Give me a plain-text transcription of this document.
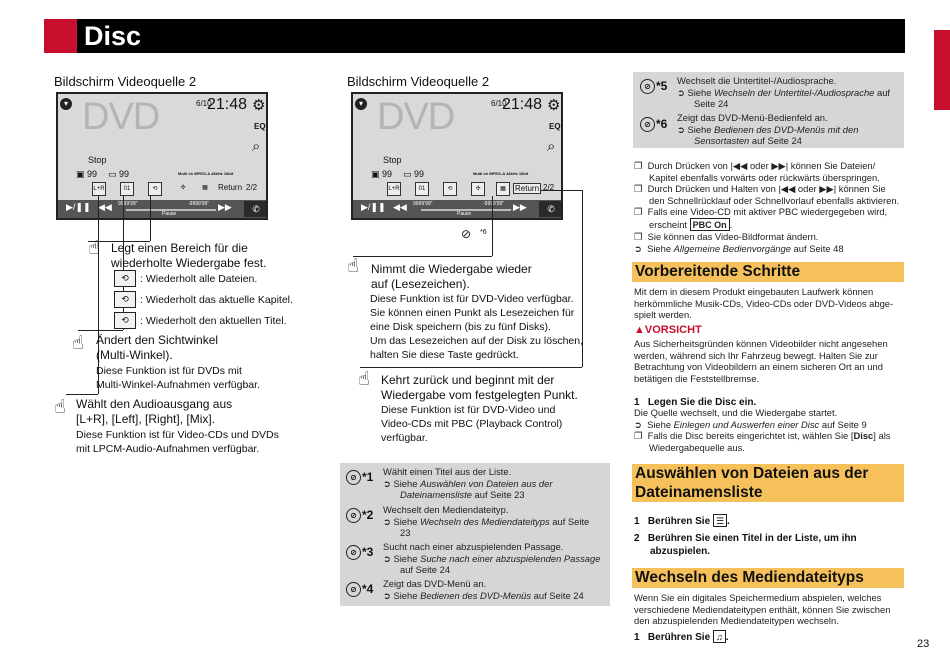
Disc
Bildschirm Videoquelle 2
▾ DVD	6/10
21:48 ⚙
EQ
⌕
Stop
▣ 99 ▭ 99	Multi ch MPEG-A 48kHz 16bit
L+R	01	⟲	✣	▦	Return 2/2
▶/❚❚ ◀◀ 9999'99"
Pause
-9999'99" ▶▶	✆
Bildschirm Videoquelle 2
▾ DVD	6/10
21:48 ⚙
EQ
⌕
Stop
▣ 99 ▭ 99	Multi ch MPEG-A 48kHz 16bit
L+R	01	⟲	✣	▦	Return 2/2
▶/❚❚ ◀◀ 9999'99"
Pause
-9999'99" ▶▶	✆
⊘ *6
☝ Legt einen Bereich für die
wiederholte Wiedergabe fest.
⟲	: Wiederholt alle Dateien.
⟲	: Wiederholt das aktuelle Kapitel.
⟲	: Wiederholt den aktuellen Titel.
☝ Ändert den Sichtwinkel
(Multi-Winkel).
Diese Funktion ist für DVDs mit
Multi-Winkel-Aufnahmen verfügbar.
☝ Wählt den Audioausgang aus
[L+R], [Left], [Right], [Mix].
Diese Funktion ist für Video-CDs und DVDs
mit LPCM-Audio-Aufnahmen verfügbar.
☝ Nimmt die Wiedergabe wieder
auf (Lesezeichen).
Diese Funktion ist für DVD-Video verfügbar.
Sie können einen Punkt als Lesezeichen für
eine Disk speichern (bis zu fünf Disks).
Um das Lesezeichen auf der Disk zu löschen,
halten Sie diese Taste gedrückt.
☝ Kehrt zurück und beginnt mit der
Wiedergabe vom festgelegten Punkt.
Diese Funktion ist für DVD-Video und
Video-CDs mit PBC (Playback Control)
verfügbar.
⊘ *1 Wählt einen Titel aus der Liste.
➲ Siehe Auswählen von Dateien aus der
Dateinamensliste auf Seite 23
⊘ *2 Wechselt den Mediendateityp.
➲ Siehe Wechseln des Mediendateityps auf Seite
23
⊘ *3 Sucht nach einer abzuspielenden Passage.
➲ Siehe Suche nach einer abzuspielenden Passage
auf Seite 24
⊘ *4 Zeigt das DVD-Menü an.
➲ Siehe Bedienen des DVD-Menüs auf Seite 24
⊘ *5 Wechselt die Untertitel-/Audiosprache.
➲ Siehe Wechseln der Untertitel-/Audiosprache auf
Seite 24
⊘ *6 Zeigt das DVD-Menü-Bedienfeld an.
➲ Siehe Bedienen des DVD-Menüs mit den
Sensortasten auf Seite 24
❐  Durch Drücken von |◀◀ oder ▶▶| können Sie Dateien/
Kapitel ebenfalls vorwärts oder rückwärts überspringen.
❐  Durch Drücken und Halten von |◀◀ oder ▶▶| können Sie
den Schnellrücklauf oder Schnellvorlauf ebenfalls aktivieren.
❐  Falls eine Video-CD mit aktiver PBC wiedergegeben wird,
erscheint PBC On .
❐  Sie können das Video-Bildformat ändern.
➲  Siehe Allgemeine Bedienvorgänge auf Seite 48
Vorbereitende Schritte
Mit dem in diesem Produkt eingebauten Laufwerk können
herkömmliche Musik-CDs, Video-CDs oder DVD-Videos abge-
spielt werden.
▲VORSICHT
Aus Sicherheitsgründen können Videobilder nicht angesehen
werden, während sich Ihr Fahrzeug bewegt. Halten Sie zur
Betrachtung von Videobildern an einem sicheren Ort an und
betätigen die Feststellbremse.
1 Legen Sie die Disc ein.
Die Quelle wechselt, und die Wiedergabe startet.
➲  Siehe Einlegen und Auswerfen einer Disc auf Seite 9
❐  Falls die Disc bereits eingerichtet ist, wählen Sie [Disc] als
Wiedergabequelle aus.
Auswählen von Dateien aus der
Dateinamensliste
1 Berühren Sie ☰ .
2 Berühren Sie einen Titel in der Liste, um ihn
abzuspielen.
Wechseln des Mediendateityps
Wenn Sie ein digitales Speichermedium abspielen, welches
verschiedene Mediendateitypen enthält, können Sie zwischen
den abzuspielenden Mediendateitypen wechseln.
1 Berühren Sie ♫ .
23
